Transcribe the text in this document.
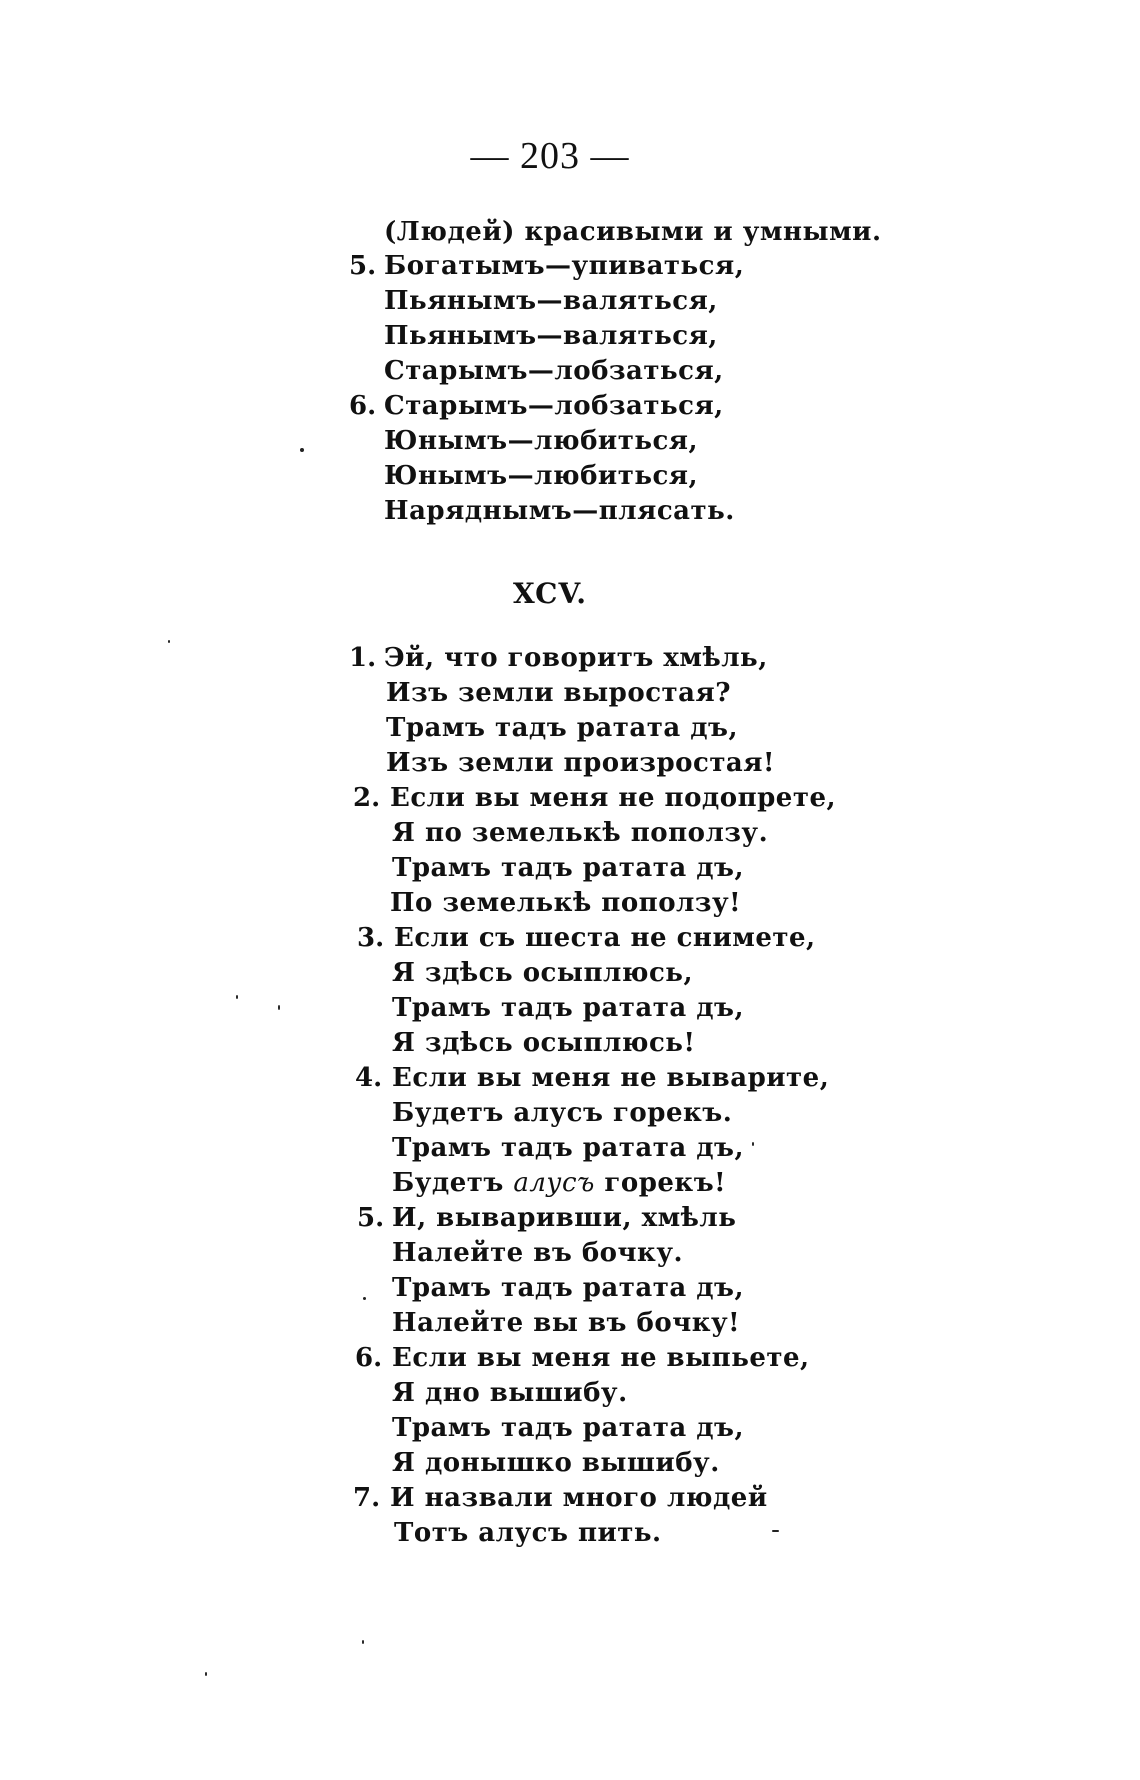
— 203 —
(Людей) красивыми и умными.
5. Богатымъ—упиваться,
Пьянымъ—валяться,
Пьянымъ—валяться,
Старымъ—лобзаться,
6. Старымъ—лобзаться,
Юнымъ—любиться,
Юнымъ—любиться,
Наряднымъ—плясать.
XCV.
1. Эй, что говоритъ хмѣль,
Изъ земли выростая?
Трамъ тадъ ратата дъ,
Изъ земли произростая!
2. Если вы меня не подопрете,
Я по земелькѣ поползу.
Трамъ тадъ ратата дъ,
По земелькѣ поползу!
3. Если съ шеста не снимете,
Я здѣсь осыплюсь,
Трамъ тадъ ратата дъ,
Я здѣсь осыплюсь!
4. Если вы меня не выварите,
Будетъ алусъ горекъ.
Трамъ тадъ ратата дъ,
Будетъ алусъ горекъ!
5. И, вываривши, хмѣль
Налейте въ бочку.
Трамъ тадъ ратата дъ,
Налейте вы въ бочку!
6. Если вы меня не выпьете,
Я дно вышибу.
Трамъ тадъ ратата дъ,
Я донышко вышибу.
7. И назвали много людей
Тотъ алусъ пить.
